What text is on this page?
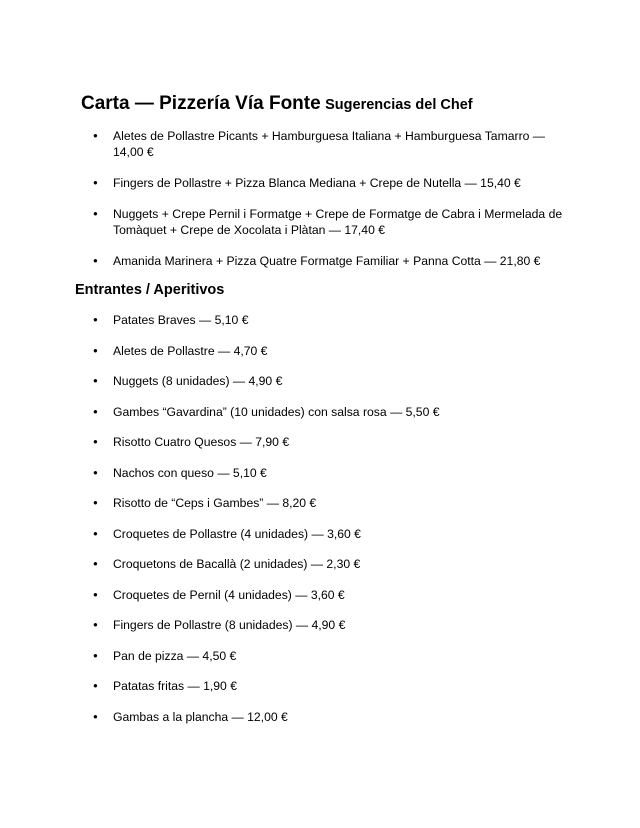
Carta — Pizzería Vía Fonte Sugerencias del Chef
● Aletes de Pollastre Picants + Hamburguesa Italiana + Hamburguesa Tamarro — 14,00 €
● Fingers de Pollastre + Pizza Blanca Mediana + Crepe de Nutella — 15,40 €
● Nuggets + Crepe Pernil i Formatge + Crepe de Formatge de Cabra i Mermelada de Tomàquet + Crepe de Xocolata i Plàtan — 17,40 €
● Amanida Marinera + Pizza Quatre Formatge Familiar + Panna Cotta — 21,80 €
Entrantes / Aperitivos
● Patates Braves — 5,10 €
● Aletes de Pollastre — 4,70 €
● Nuggets (8 unidades) — 4,90 €
● Gambes “Gavardina” (10 unidades) con salsa rosa — 5,50 €
● Risotto Cuatro Quesos — 7,90 €
● Nachos con queso — 5,10 €
● Risotto de “Ceps i Gambes” — 8,20 €
● Croquetes de Pollastre (4 unidades) — 3,60 €
● Croquetons de Bacallà (2 unidades) — 2,30 €
● Croquetes de Pernil (4 unidades) — 3,60 €
● Fingers de Pollastre (8 unidades) — 4,90 €
● Pan de pizza — 4,50 €
● Patatas fritas — 1,90 €
● Gambas a la plancha — 12,00 €
